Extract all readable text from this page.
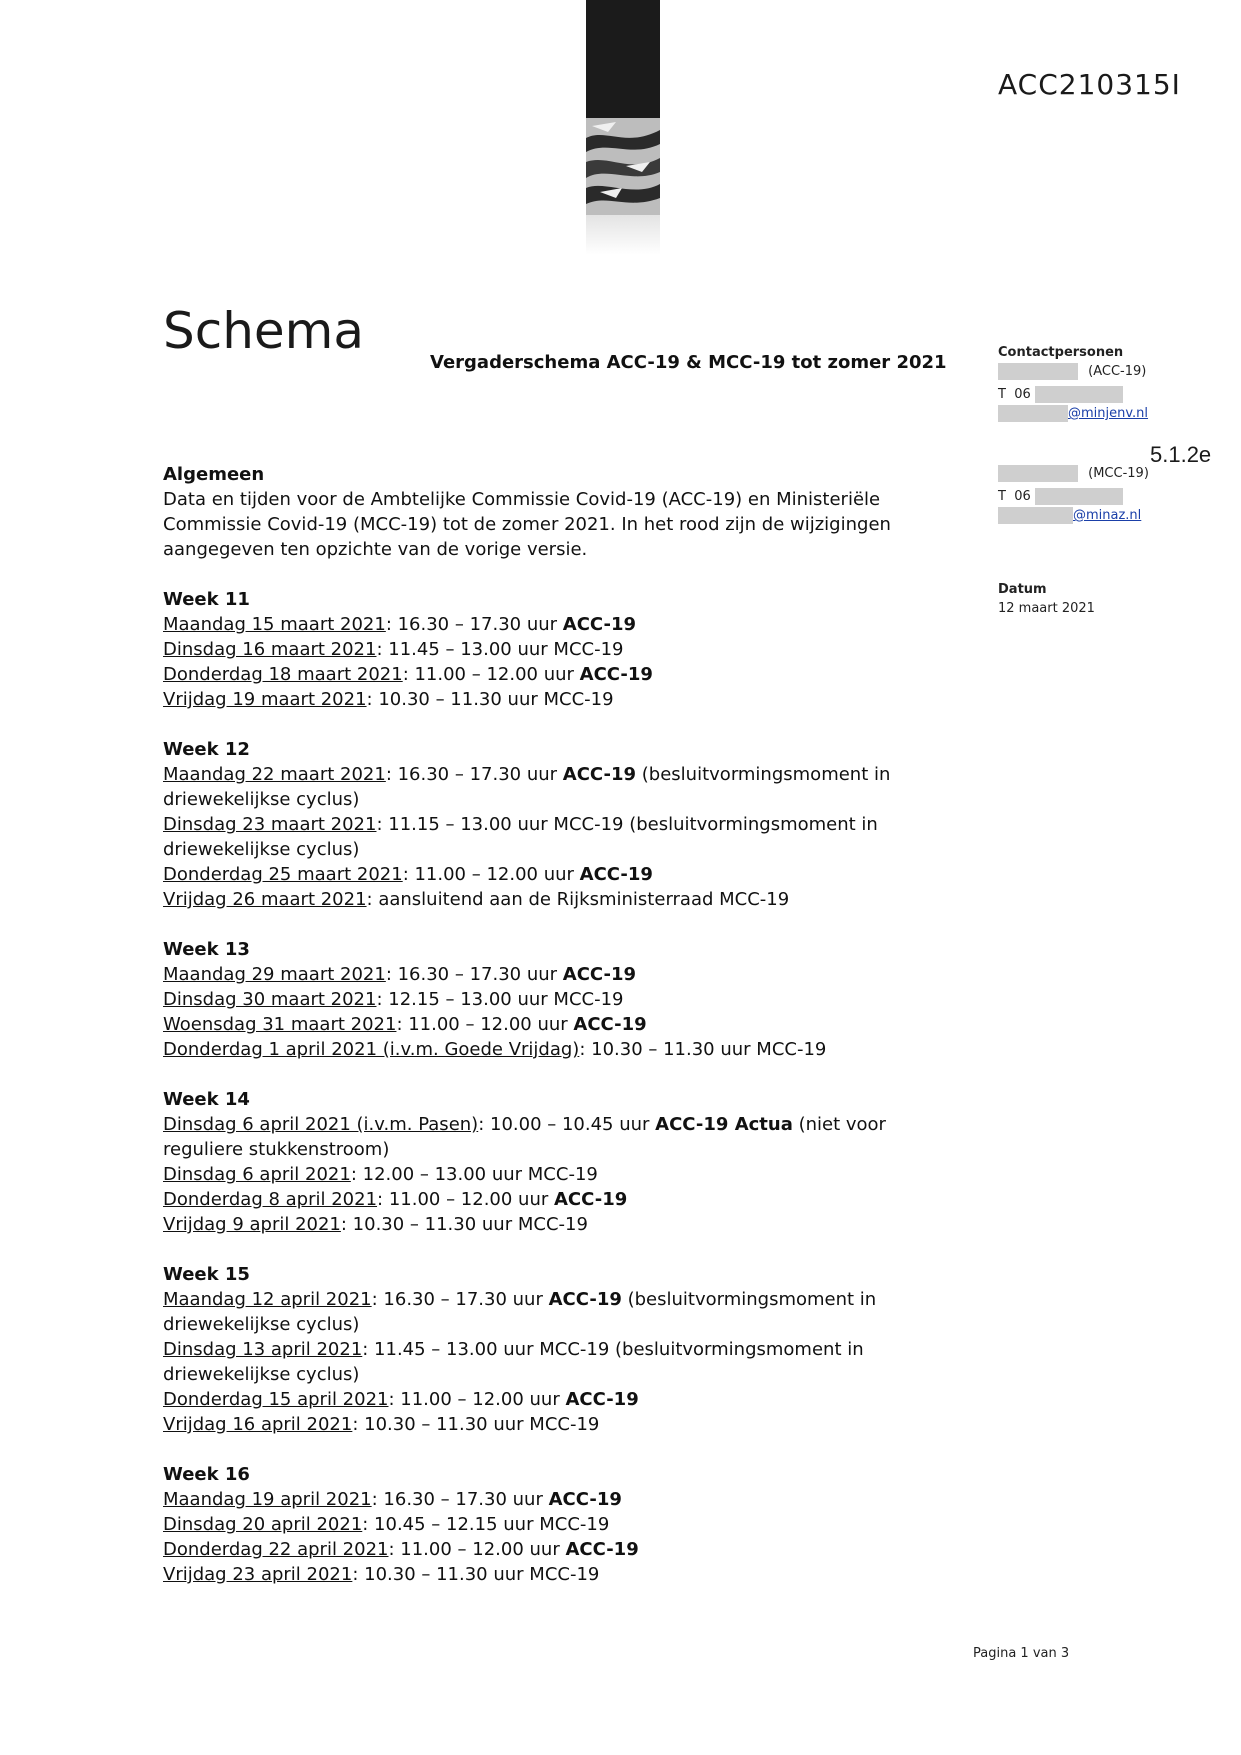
ACC210315I
Schema
Vergaderschema ACC-19 & MCC-19 tot zomer 2021	Contactpersonen
(ACC-19)
T  06
@minjenv.nl
5.1.2e
(MCC-19)
T  06
@minaz.nl
Datum
12 maart 2021
Algemeen
Data en tijden voor de Ambtelijke Commissie Covid-19 (ACC-19) en Ministeriële Commissie Covid-19 (MCC-19) tot de zomer 2021. In het rood zijn de wijzigingen aangegeven ten opzichte van de vorige versie.
Week 11
Maandag 15 maart 2021: 16.30 – 17.30 uur ACC-19
Dinsdag 16 maart 2021: 11.45 – 13.00 uur MCC-19
Donderdag 18 maart 2021: 11.00 – 12.00 uur ACC-19
Vrijdag 19 maart 2021: 10.30 – 11.30 uur MCC-19
Week 12
Maandag 22 maart 2021: 16.30 – 17.30 uur ACC-19 (besluitvormingsmoment in driewekelijkse cyclus)
Dinsdag 23 maart 2021: 11.15 – 13.00 uur MCC-19 (besluitvormingsmoment in driewekelijkse cyclus)
Donderdag 25 maart 2021: 11.00 – 12.00 uur ACC-19
Vrijdag 26 maart 2021: aansluitend aan de Rijksministerraad MCC-19
Week 13
Maandag 29 maart 2021: 16.30 – 17.30 uur ACC-19
Dinsdag 30 maart 2021: 12.15 – 13.00 uur MCC-19
Woensdag 31 maart 2021: 11.00 – 12.00 uur ACC-19
Donderdag 1 april 2021 (i.v.m. Goede Vrijdag): 10.30 – 11.30 uur MCC-19
Week 14
Dinsdag 6 april 2021 (i.v.m. Pasen): 10.00 – 10.45 uur ACC-19 Actua (niet voor reguliere stukkenstroom)
Dinsdag 6 april 2021: 12.00 – 13.00 uur MCC-19
Donderdag 8 april 2021: 11.00 – 12.00 uur ACC-19
Vrijdag 9 april 2021: 10.30 – 11.30 uur MCC-19
Week 15
Maandag 12 april 2021: 16.30 – 17.30 uur ACC-19 (besluitvormingsmoment in driewekelijkse cyclus)
Dinsdag 13 april 2021: 11.45 – 13.00 uur MCC-19 (besluitvormingsmoment in driewekelijkse cyclus)
Donderdag 15 april 2021: 11.00 – 12.00 uur ACC-19
Vrijdag 16 april 2021: 10.30 – 11.30 uur MCC-19
Week 16
Maandag 19 april 2021: 16.30 – 17.30 uur ACC-19
Dinsdag 20 april 2021: 10.45 – 12.15 uur MCC-19
Donderdag 22 april 2021: 11.00 – 12.00 uur ACC-19
Vrijdag 23 april 2021: 10.30 – 11.30 uur MCC-19
Pagina 1 van 3
